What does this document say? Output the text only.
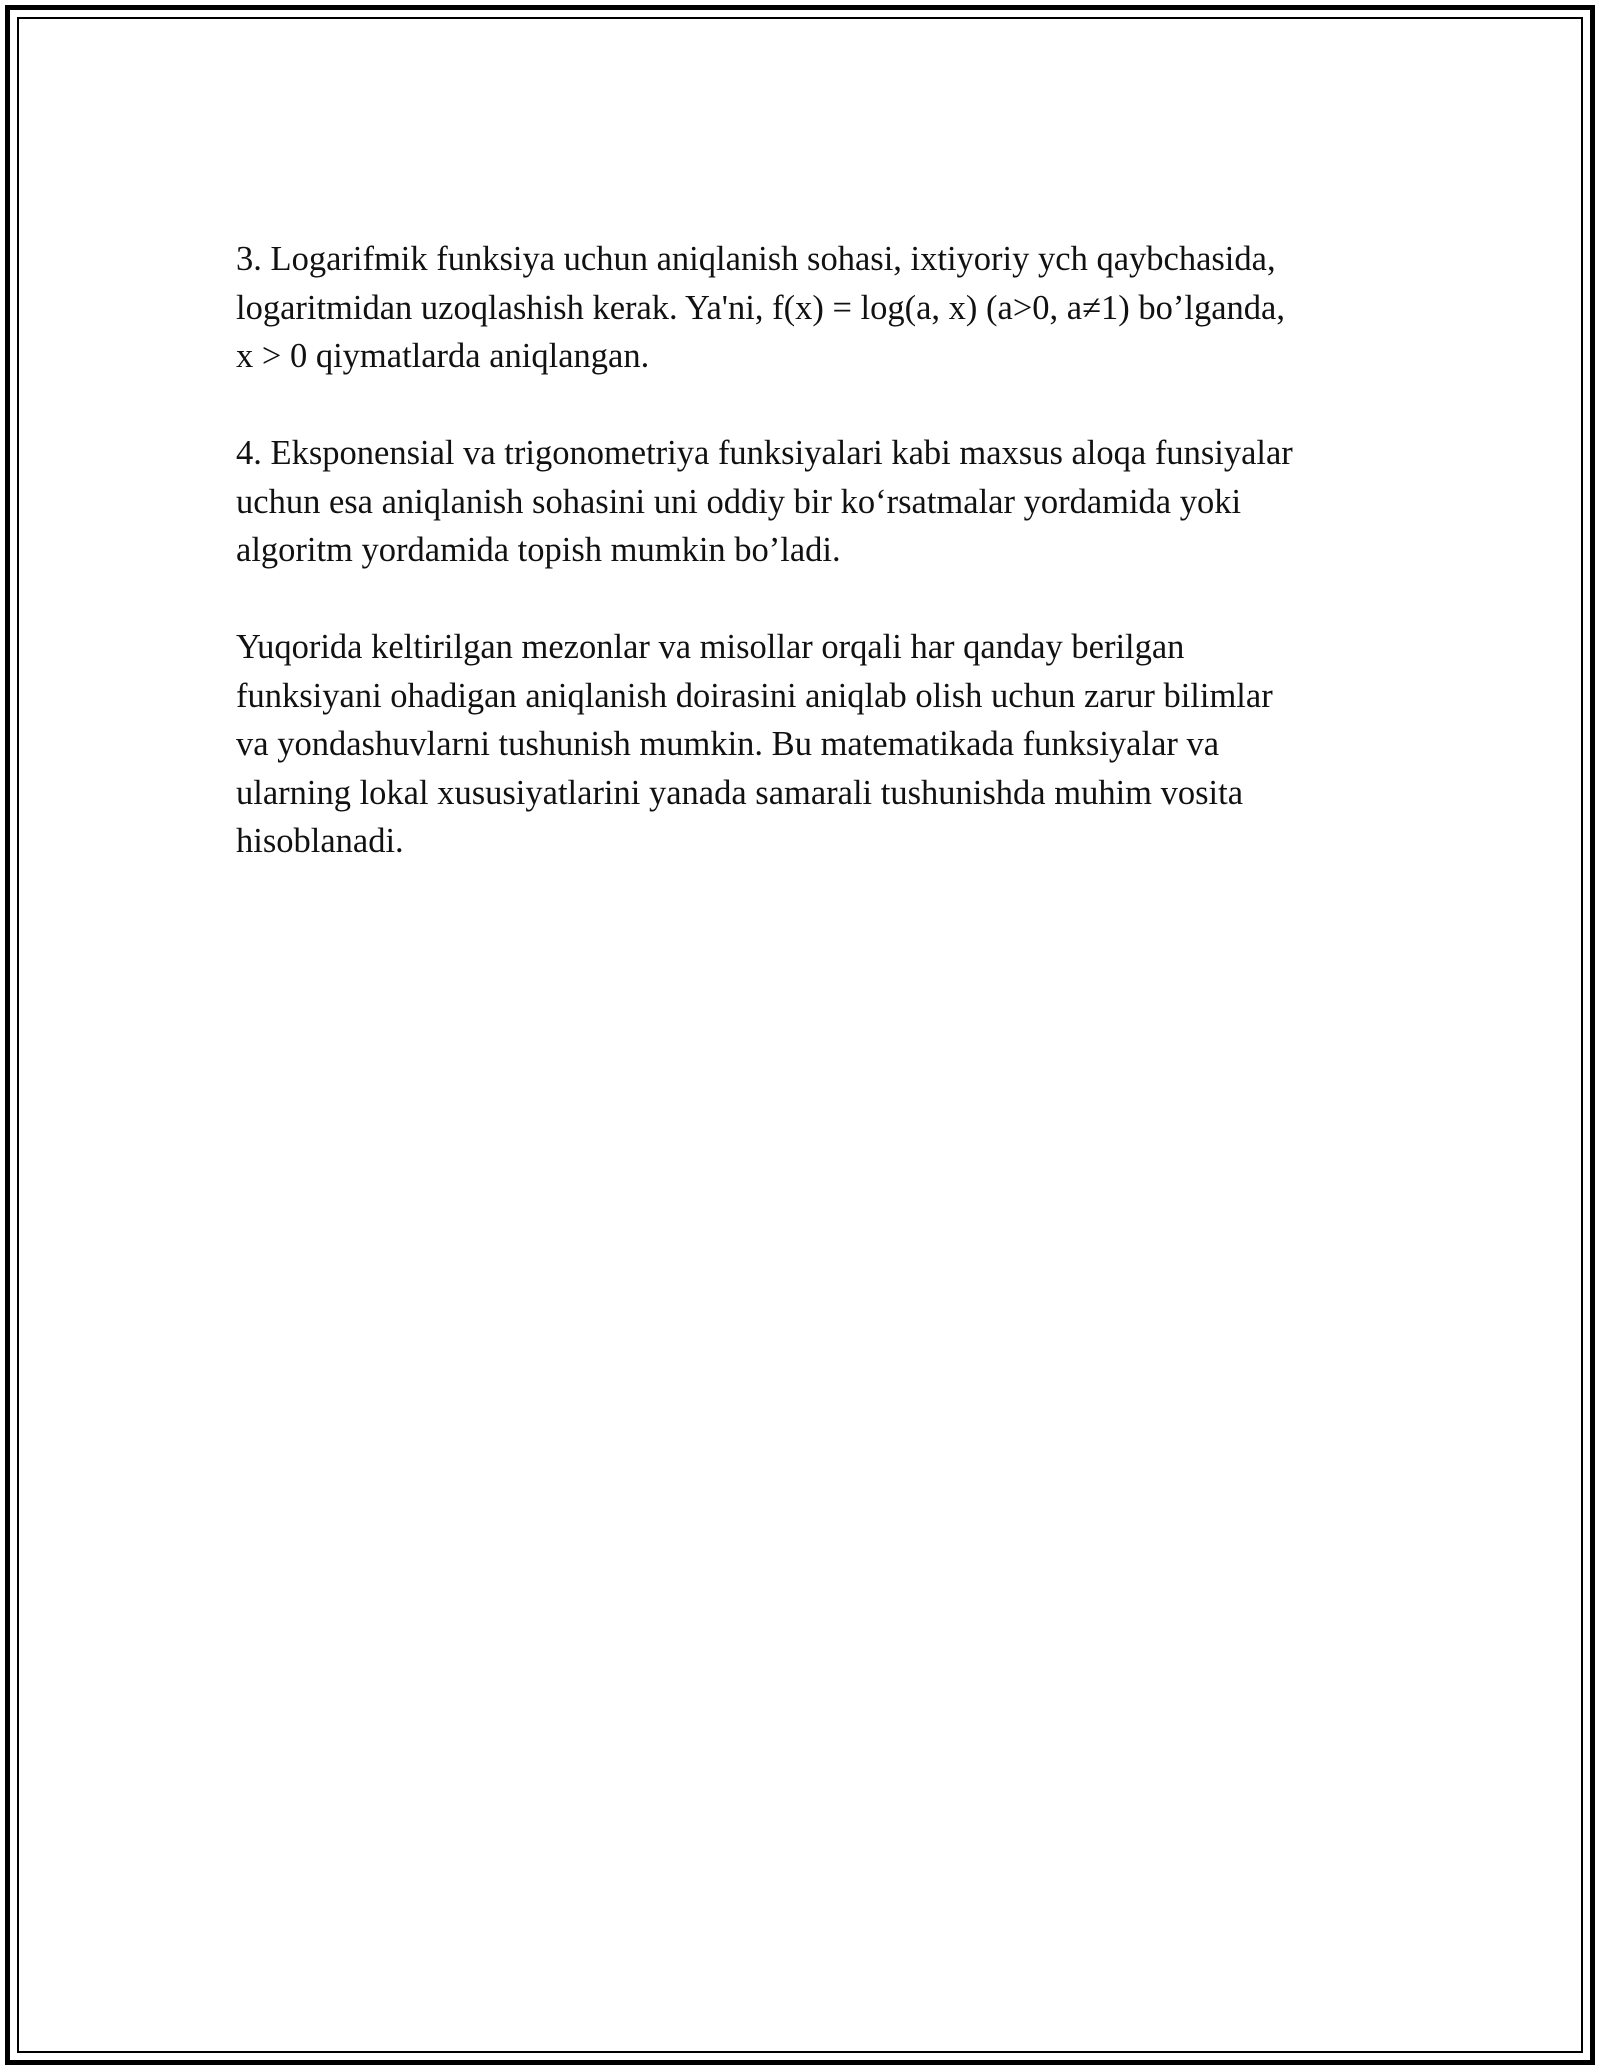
3. Logarifmik funksiya uchun aniqlanish sohasi, ixtiyoriy ych qaybchasida,
logaritmidan uzoqlashish kerak. Ya'ni, f(x) = log(a, x) (a>0, a≠1) bo’lganda,
x > 0 qiymatlarda aniqlangan.

4. Eksponensial va trigonometriya funksiyalari kabi maxsus aloqa funsiyalar
uchun esa aniqlanish sohasini uni oddiy bir ko‘rsatmalar yordamida yoki
algoritm yordamida topish mumkin bo’ladi.

Yuqorida keltirilgan mezonlar va misollar orqali har qanday berilgan
funksiyani ohadigan aniqlanish doirasini aniqlab olish uchun zarur bilimlar
va yondashuvlarni tushunish mumkin. Bu matematikada funksiyalar va
ularning lokal xususiyatlarini yanada samarali tushunishda muhim vosita
hisoblanadi.
